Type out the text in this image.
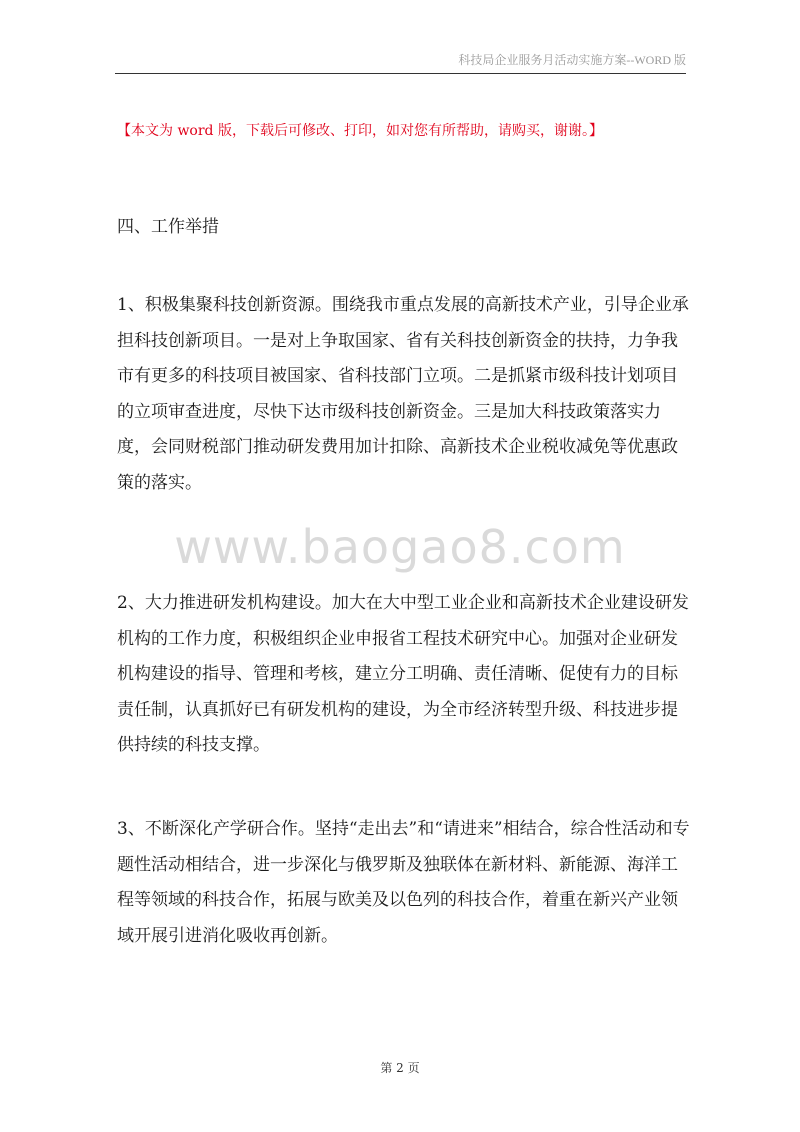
科技局企业服务月活动实施方案--WORD 版
【本文为 word 版，下载后可修改、打印，如对您有所帮助，请购买，谢谢。】
四、工作举措
1、积极集聚科技创新资源。围绕我市重点发展的高新技术产业，引导企业承担科技创新项目。一是对上争取国家、省有关科技创新资金的扶持，力争我市有更多的科技项目被国家、省科技部门立项。二是抓紧市级科技计划项目的立项审查进度，尽快下达市级科技创新资金。三是加大科技政策落实力度，会同财税部门推动研发费用加计扣除、高新技术企业税收减免等优惠政策的落实。
www.baogao8.com
2、大力推进研发机构建设。加大在大中型工业企业和高新技术企业建设研发机构的工作力度，积极组织企业申报省工程技术研究中心。加强对企业研发机构建设的指导、管理和考核，建立分工明确、责任清晰、促使有力的目标责任制，认真抓好已有研发机构的建设，为全市经济转型升级、科技进步提供持续的科技支撑。
3、不断深化产学研合作。坚持“走出去”和“请进来”相结合，综合性活动和专题性活动相结合，进一步深化与俄罗斯及独联体在新材料、新能源、海洋工程等领域的科技合作，拓展与欧美及以色列的科技合作，着重在新兴产业领域开展引进消化吸收再创新。
第 2 页
